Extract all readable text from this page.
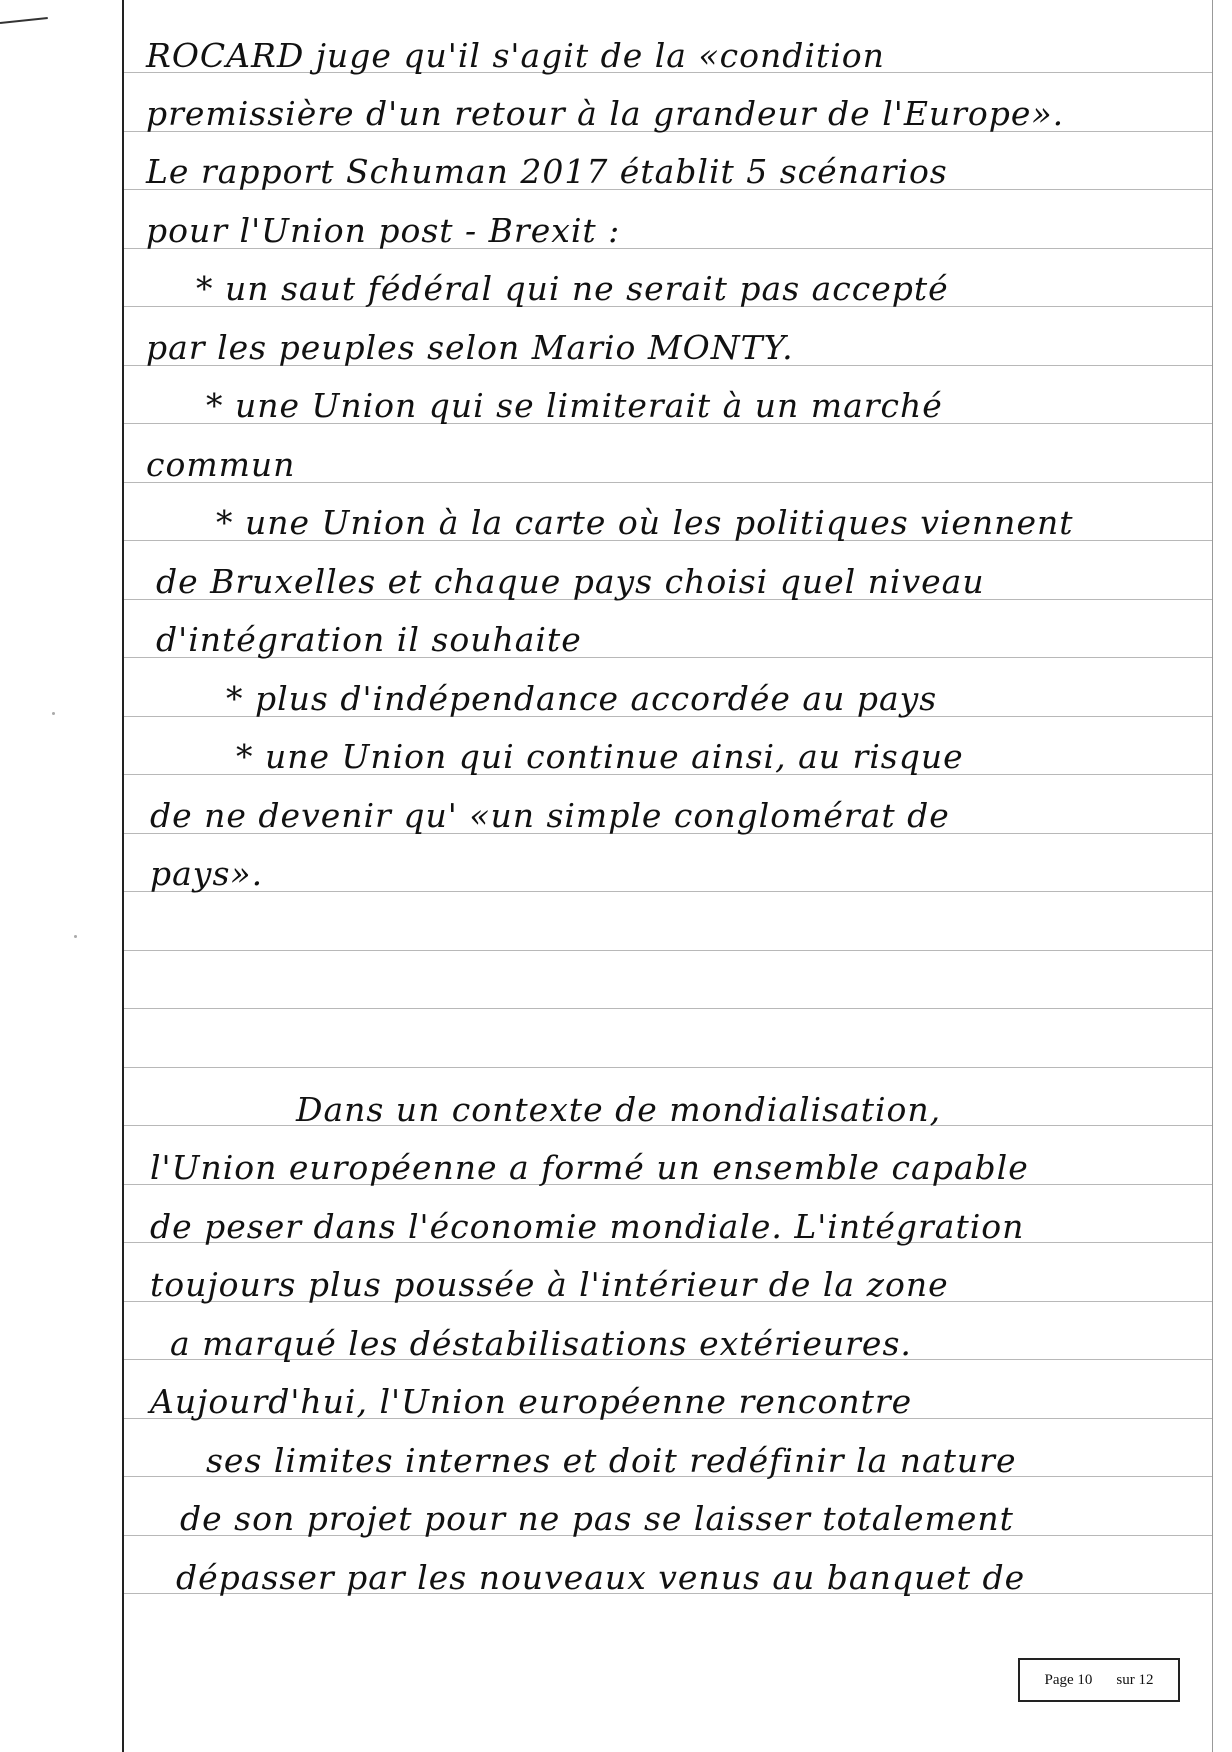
ROCARD juge qu'il s'agit de la «condition
premissière d'un retour à la grandeur de l'Europe».
Le rapport Schuman 2017 établit 5 scénarios
pour l'Union post - Brexit :
* un saut fédéral qui ne serait pas accepté
par les peuples selon Mario MONTY.
* une Union qui se limiterait à un marché
commun
* une Union à la carte où les politiques viennent
de Bruxelles et chaque pays choisi quel niveau
d'intégration il souhaite
* plus d'indépendance accordée au pays
* une Union qui continue ainsi, au risque
de ne devenir qu' «un simple conglomérat de
pays».
Dans un contexte de mondialisation,
l'Union européenne a formé un ensemble capable
de peser dans l'économie mondiale. L'intégration
toujours plus poussée à l'intérieur de la zone
a marqué les déstabilisations extérieures.
Aujourd'hui, l'Union européenne rencontre
ses limites internes et doit redéfinir la nature
de son projet pour ne pas se laisser totalement
dépasser par les nouveaux venus au banquet de
Page 10 sur 12
